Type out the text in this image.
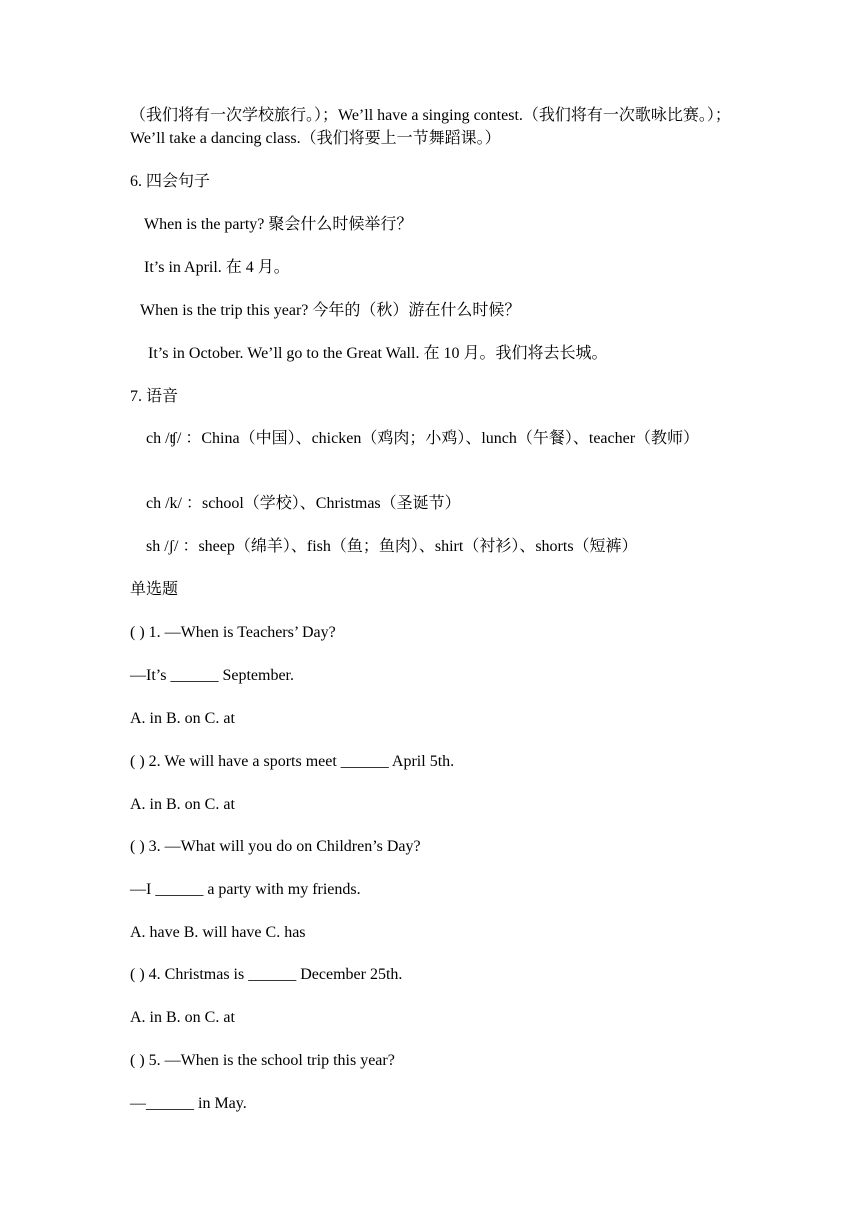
（我们将有一次学校旅行。）；We’ll have a singing contest.（我们将有一次歌咏比赛。）；We’ll take a dancing class.（我们将要上一节舞蹈课。）
6. 四会句子
When is the party? 聚会什么时候举行？
It’s in April. 在 4 月。
When is the trip this year? 今年的（秋）游在什么时候？
It’s in October. We’ll go to the Great Wall. 在 10 月。我们将去长城。
7. 语音
ch /ʧ/ ：China（中国）、chicken（鸡肉；小鸡）、lunch（午餐）、teacher（教师）
ch /k/ ：school（学校）、Christmas（圣诞节）
sh /ʃ/ ：sheep（绵羊）、fish（鱼；鱼肉）、shirt（衬衫）、shorts（短裤）
单选题
( ) 1. —When is Teachers’ Day?
—It’s ______ September.
A. in B. on C. at
( ) 2. We will have a sports meet ______ April 5th.
A. in B. on C. at
( ) 3. —What will you do on Children’s Day?
—I ______ a party with my friends.
A. have B. will have C. has
( ) 4. Christmas is ______ December 25th.
A. in B. on C. at
( ) 5. —When is the school trip this year?
—______ in May.
